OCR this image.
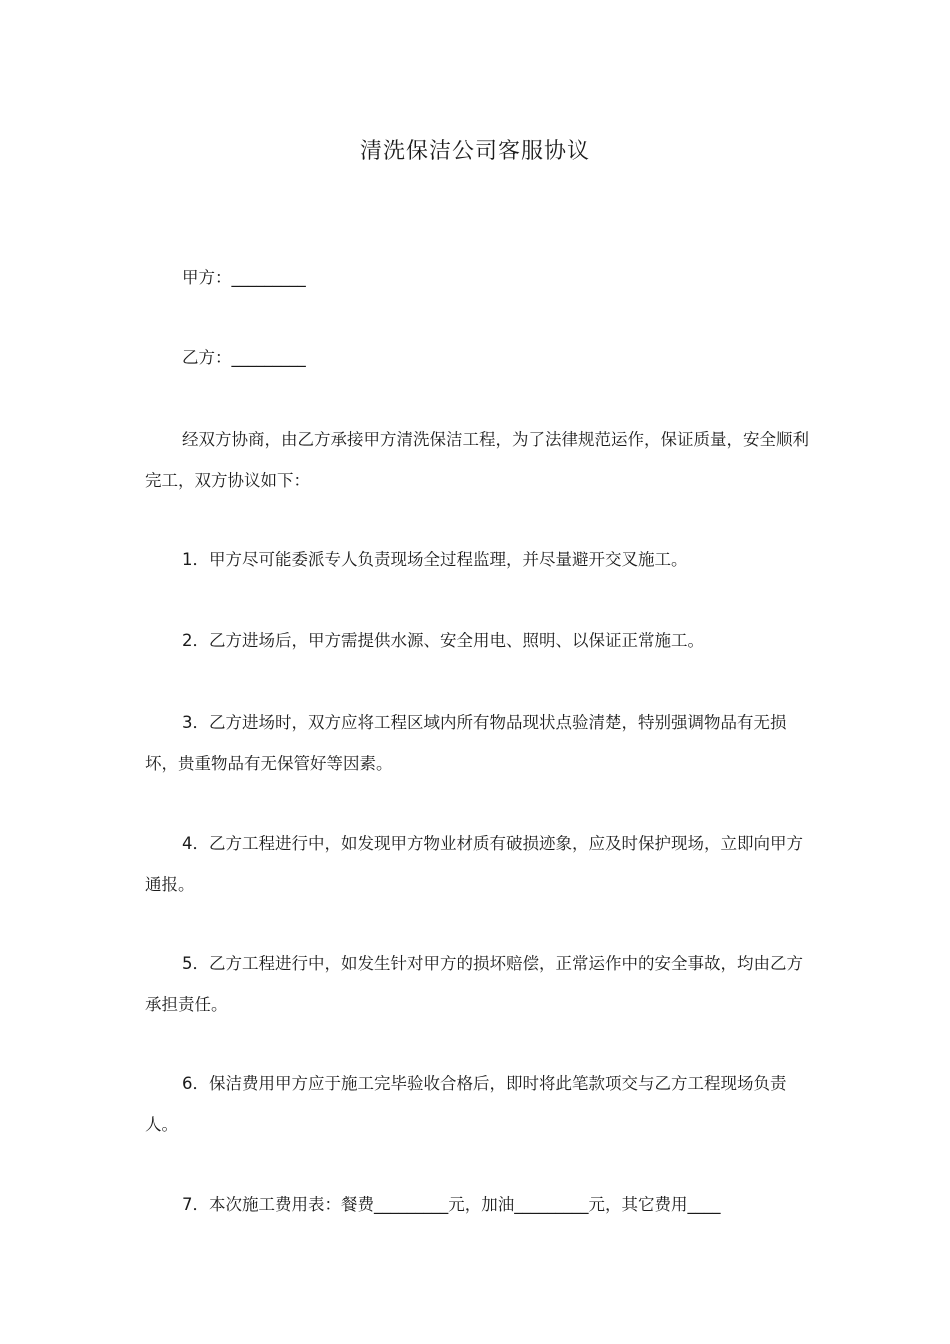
清洗保洁公司客服协议

甲方：_________

乙方：_________

经双方协商，由乙方承接甲方清洗保洁工程，为了法律规范运作，保证质量，安全顺利完工，双方协议如下：

1．甲方尽可能委派专人负责现场全过程监理，并尽量避开交叉施工。

2．乙方进场后，甲方需提供水源、安全用电、照明、以保证正常施工。

3．乙方进场时，双方应将工程区域内所有物品现状点验清楚，特别强调物品有无损坏，贵重物品有无保管好等因素。

4．乙方工程进行中，如发现甲方物业材质有破损迹象，应及时保护现场，立即向甲方通报。

5．乙方工程进行中，如发生针对甲方的损坏赔偿，正常运作中的安全事故，均由乙方承担责任。

6．保洁费用甲方应于施工完毕验收合格后，即时将此笔款项交与乙方工程现场负责人。

7．本次施工费用表：餐费_________元，加油_________元，其它费用____
